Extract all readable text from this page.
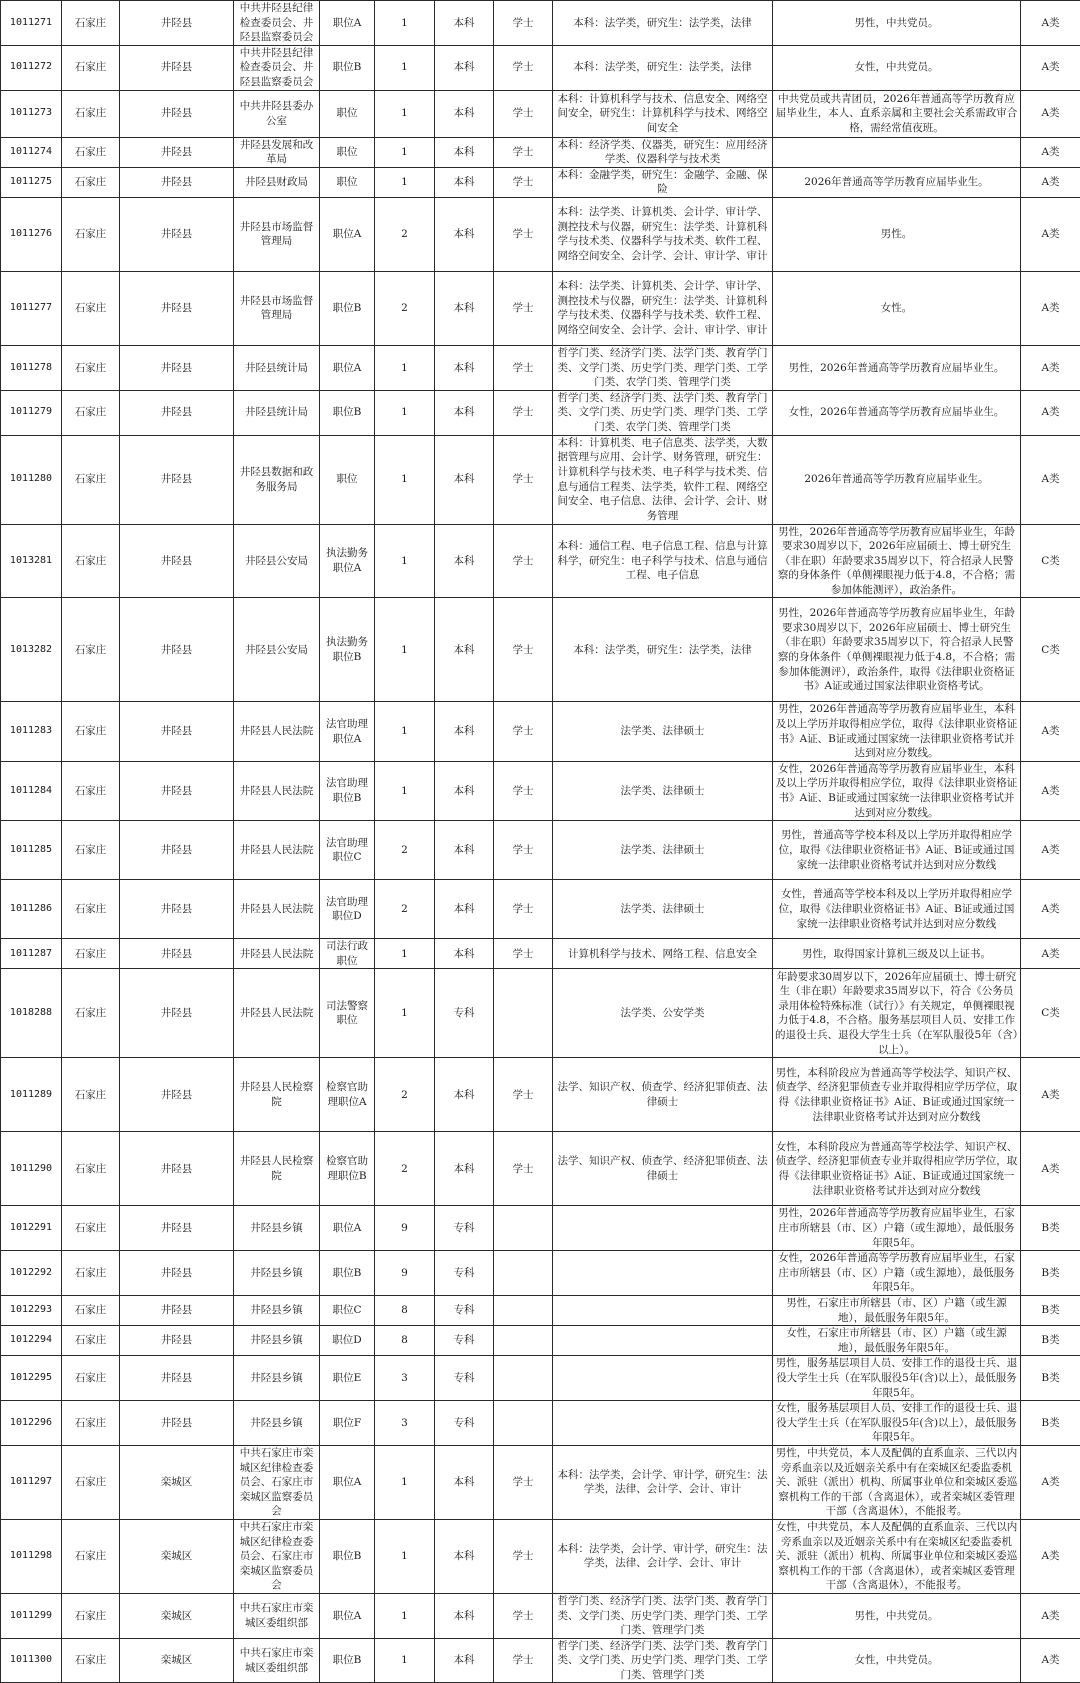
1011271	石家庄	井陉县	中共井陉县纪律检查委员会、井陉县监察委员会	职位A	1	本科	学士	本科：法学类，研究生：法学类，法律	男性，中共党员。	A类
1011272	石家庄	井陉县	中共井陉县纪律检查委员会、井陉县监察委员会	职位B	1	本科	学士	本科：法学类，研究生：法学类，法律	女性，中共党员。	A类
1011273	石家庄	井陉县	中共井陉县委办公室	职位	1	本科	学士	本科：计算机科学与技术、信息安全、网络空间安全，研究生：计算机科学与技术、网络空间安全	中共党员或共青团员，2026年普通高等学历教育应届毕业生，本人、直系亲属和主要社会关系需政审合格，需经常值夜班。	A类
1011274	石家庄	井陉县	井陉县发展和改革局	职位	1	本科	学士	本科：经济学类、仪器类，研究生：应用经济学类、仪器科学与技术类		A类
1011275	石家庄	井陉县	井陉县财政局	职位	1	本科	学士	本科：金融学类，研究生：金融学、金融、保险	2026年普通高等学历教育应届毕业生。	A类
1011276	石家庄	井陉县	井陉县市场监督管理局	职位A	2	本科	学士	本科：法学类、计算机类、会计学、审计学、测控技术与仪器，研究生：法学类、计算机科学与技术类、仪器科学与技术类、软件工程、网络空间安全、会计学、会计、审计学、审计	男性。	A类
1011277	石家庄	井陉县	井陉县市场监督管理局	职位B	2	本科	学士	本科：法学类、计算机类、会计学、审计学、测控技术与仪器，研究生：法学类、计算机科学与技术类、仪器科学与技术类、软件工程、网络空间安全、会计学、会计、审计学、审计	女性。	A类
1011278	石家庄	井陉县	井陉县统计局	职位A	1	本科	学士	哲学门类、经济学门类、法学门类、教育学门类、文学门类、历史学门类、理学门类、工学门类、农学门类、管理学门类	男性，2026年普通高等学历教育应届毕业生。	A类
1011279	石家庄	井陉县	井陉县统计局	职位B	1	本科	学士	哲学门类、经济学门类、法学门类、教育学门类、文学门类、历史学门类、理学门类、工学门类、农学门类、管理学门类	女性，2026年普通高等学历教育应届毕业生。	A类
1011280	石家庄	井陉县	井陉县数据和政务服务局	职位	1	本科	学士	本科：计算机类、电子信息类、法学类，大数据管理与应用、会计学、财务管理，研究生：计算机科学与技术类、电子科学与技术类、信息与通信工程类、法学类，软件工程、网络空间安全、电子信息、法律、会计学、会计、财务管理	2026年普通高等学历教育应届毕业生。	A类
1013281	石家庄	井陉县	井陉县公安局	执法勤务职位A	1	本科	学士	本科：通信工程、电子信息工程、信息与计算科学，研究生：电子科学与技术、信息与通信工程、电子信息	男性，2026年普通高等学历教育应届毕业生，年龄要求30周岁以下，2026年应届硕士、博士研究生（非在职）年龄要求35周岁以下，符合招录人民警察的身体条件（单侧裸眼视力低于4.8，不合格；需参加体能测评），政治条件。	C类
1013282	石家庄	井陉县	井陉县公安局	执法勤务职位B	1	本科	学士	本科：法学类，研究生：法学类，法律	男性，2026年普通高等学历教育应届毕业生，年龄要求30周岁以下，2026年应届硕士、博士研究生（非在职）年龄要求35周岁以下，符合招录人民警察的身体条件（单侧裸眼视力低于4.8，不合格；需参加体能测评），政治条件，取得《法律职业资格证书》A证或通过国家法律职业资格考试。	C类
1011283	石家庄	井陉县	井陉县人民法院	法官助理职位A	1	本科	学士	法学类、法律硕士	男性，2026年普通高等学历教育应届毕业生，本科及以上学历并取得相应学位，取得《法律职业资格证书》A证、B证或通过国家统一法律职业资格考试并达到对应分数线。	A类
1011284	石家庄	井陉县	井陉县人民法院	法官助理职位B	1	本科	学士	法学类、法律硕士	女性，2026年普通高等学历教育应届毕业生，本科及以上学历并取得相应学位，取得《法律职业资格证书》A证、B证或通过国家统一法律职业资格考试并达到对应分数线。	A类
1011285	石家庄	井陉县	井陉县人民法院	法官助理职位C	2	本科	学士	法学类、法律硕士	男性，普通高等学校本科及以上学历并取得相应学位，取得《法律职业资格证书》A证、B证或通过国家统一法律职业资格考试并达到对应分数线	A类
1011286	石家庄	井陉县	井陉县人民法院	法官助理职位D	2	本科	学士	法学类、法律硕士	女性，普通高等学校本科及以上学历并取得相应学位，取得《法律职业资格证书》A证、B证或通过国家统一法律职业资格考试并达到对应分数线	A类
1011287	石家庄	井陉县	井陉县人民法院	司法行政职位	1	本科	学士	计算机科学与技术、网络工程、信息安全	男性，取得国家计算机三级及以上证书。	A类
1018288	石家庄	井陉县	井陉县人民法院	司法警察职位	1	专科		法学类、公安学类	年龄要求30周岁以下，2026年应届硕士、博士研究生（非在职）年龄要求35周岁以下，符合《公务员录用体检特殊标准（试行）》有关规定，单侧裸眼视力低于4.8，不合格。服务基层项目人员、安排工作的退役士兵、退役大学生士兵（在军队服役5年（含）以上）。	C类
1011289	石家庄	井陉县	井陉县人民检察院	检察官助理职位A	2	本科	学士	法学、知识产权、侦查学、经济犯罪侦查、法律硕士	男性，本科阶段应为普通高等学校法学、知识产权、侦查学、经济犯罪侦查专业并取得相应学历学位，取得《法律职业资格证书》A证、B证或通过国家统一法律职业资格考试并达到对应分数线	A类
1011290	石家庄	井陉县	井陉县人民检察院	检察官助理职位B	2	本科	学士	法学、知识产权、侦查学、经济犯罪侦查、法律硕士	女性，本科阶段应为普通高等学校法学、知识产权、侦查学、经济犯罪侦查专业并取得相应学历学位，取得《法律职业资格证书》A证、B证或通过国家统一法律职业资格考试并达到对应分数线	A类
1012291	石家庄	井陉县	井陉县乡镇	职位A	9	专科			男性，2026年普通高等学历教育应届毕业生，石家庄市所辖县（市、区）户籍（或生源地），最低服务年限5年。	B类
1012292	石家庄	井陉县	井陉县乡镇	职位B	9	专科			女性，2026年普通高等学历教育应届毕业生，石家庄市所辖县（市、区）户籍（或生源地），最低服务年限5年。	B类
1012293	石家庄	井陉县	井陉县乡镇	职位C	8	专科			男性，石家庄市所辖县（市、区）户籍（或生源地），最低服务年限5年。	B类
1012294	石家庄	井陉县	井陉县乡镇	职位D	8	专科			女性，石家庄市所辖县（市、区）户籍（或生源地），最低服务年限5年。	B类
1012295	石家庄	井陉县	井陉县乡镇	职位E	3	专科			男性，服务基层项目人员、安排工作的退役士兵、退役大学生士兵（在军队服役5年(含)以上），最低服务年限5年。	B类
1012296	石家庄	井陉县	井陉县乡镇	职位F	3	专科			女性，服务基层项目人员、安排工作的退役士兵、退役大学生士兵（在军队服役5年(含)以上），最低服务年限5年。	B类
1011297	石家庄	栾城区	中共石家庄市栾城区纪律检查委员会、石家庄市栾城区监察委员会	职位A	1	本科	学士	本科：法学类，会计学、审计学，研究生：法学类，法律、会计学、会计、审计	男性，中共党员，本人及配偶的直系血亲、三代以内旁系血亲以及近姻亲关系中有在栾城区纪委监委机关、派驻（派出）机构、所属事业单位和栾城区委巡察机构工作的干部（含离退休），或者栾城区委管理干部（含离退休），不能报考。	A类
1011298	石家庄	栾城区	中共石家庄市栾城区纪律检查委员会、石家庄市栾城区监察委员会	职位B	1	本科	学士	本科：法学类，会计学、审计学，研究生：法学类，法律、会计学、会计、审计	女性，中共党员，本人及配偶的直系血亲、三代以内旁系血亲以及近姻亲关系中有在栾城区纪委监委机关、派驻（派出）机构、所属事业单位和栾城区委巡察机构工作的干部（含离退休），或者栾城区委管理干部（含离退休），不能报考。	A类
1011299	石家庄	栾城区	中共石家庄市栾城区委组织部	职位A	1	本科	学士	哲学门类、经济学门类、法学门类、教育学门类、文学门类、历史学门类、理学门类、工学门类、管理学门类	男性，中共党员。	A类
1011300	石家庄	栾城区	中共石家庄市栾城区委组织部	职位B	1	本科	学士	哲学门类、经济学门类、法学门类、教育学门类、文学门类、历史学门类、理学门类、工学门类、管理学门类	女性，中共党员。	A类
